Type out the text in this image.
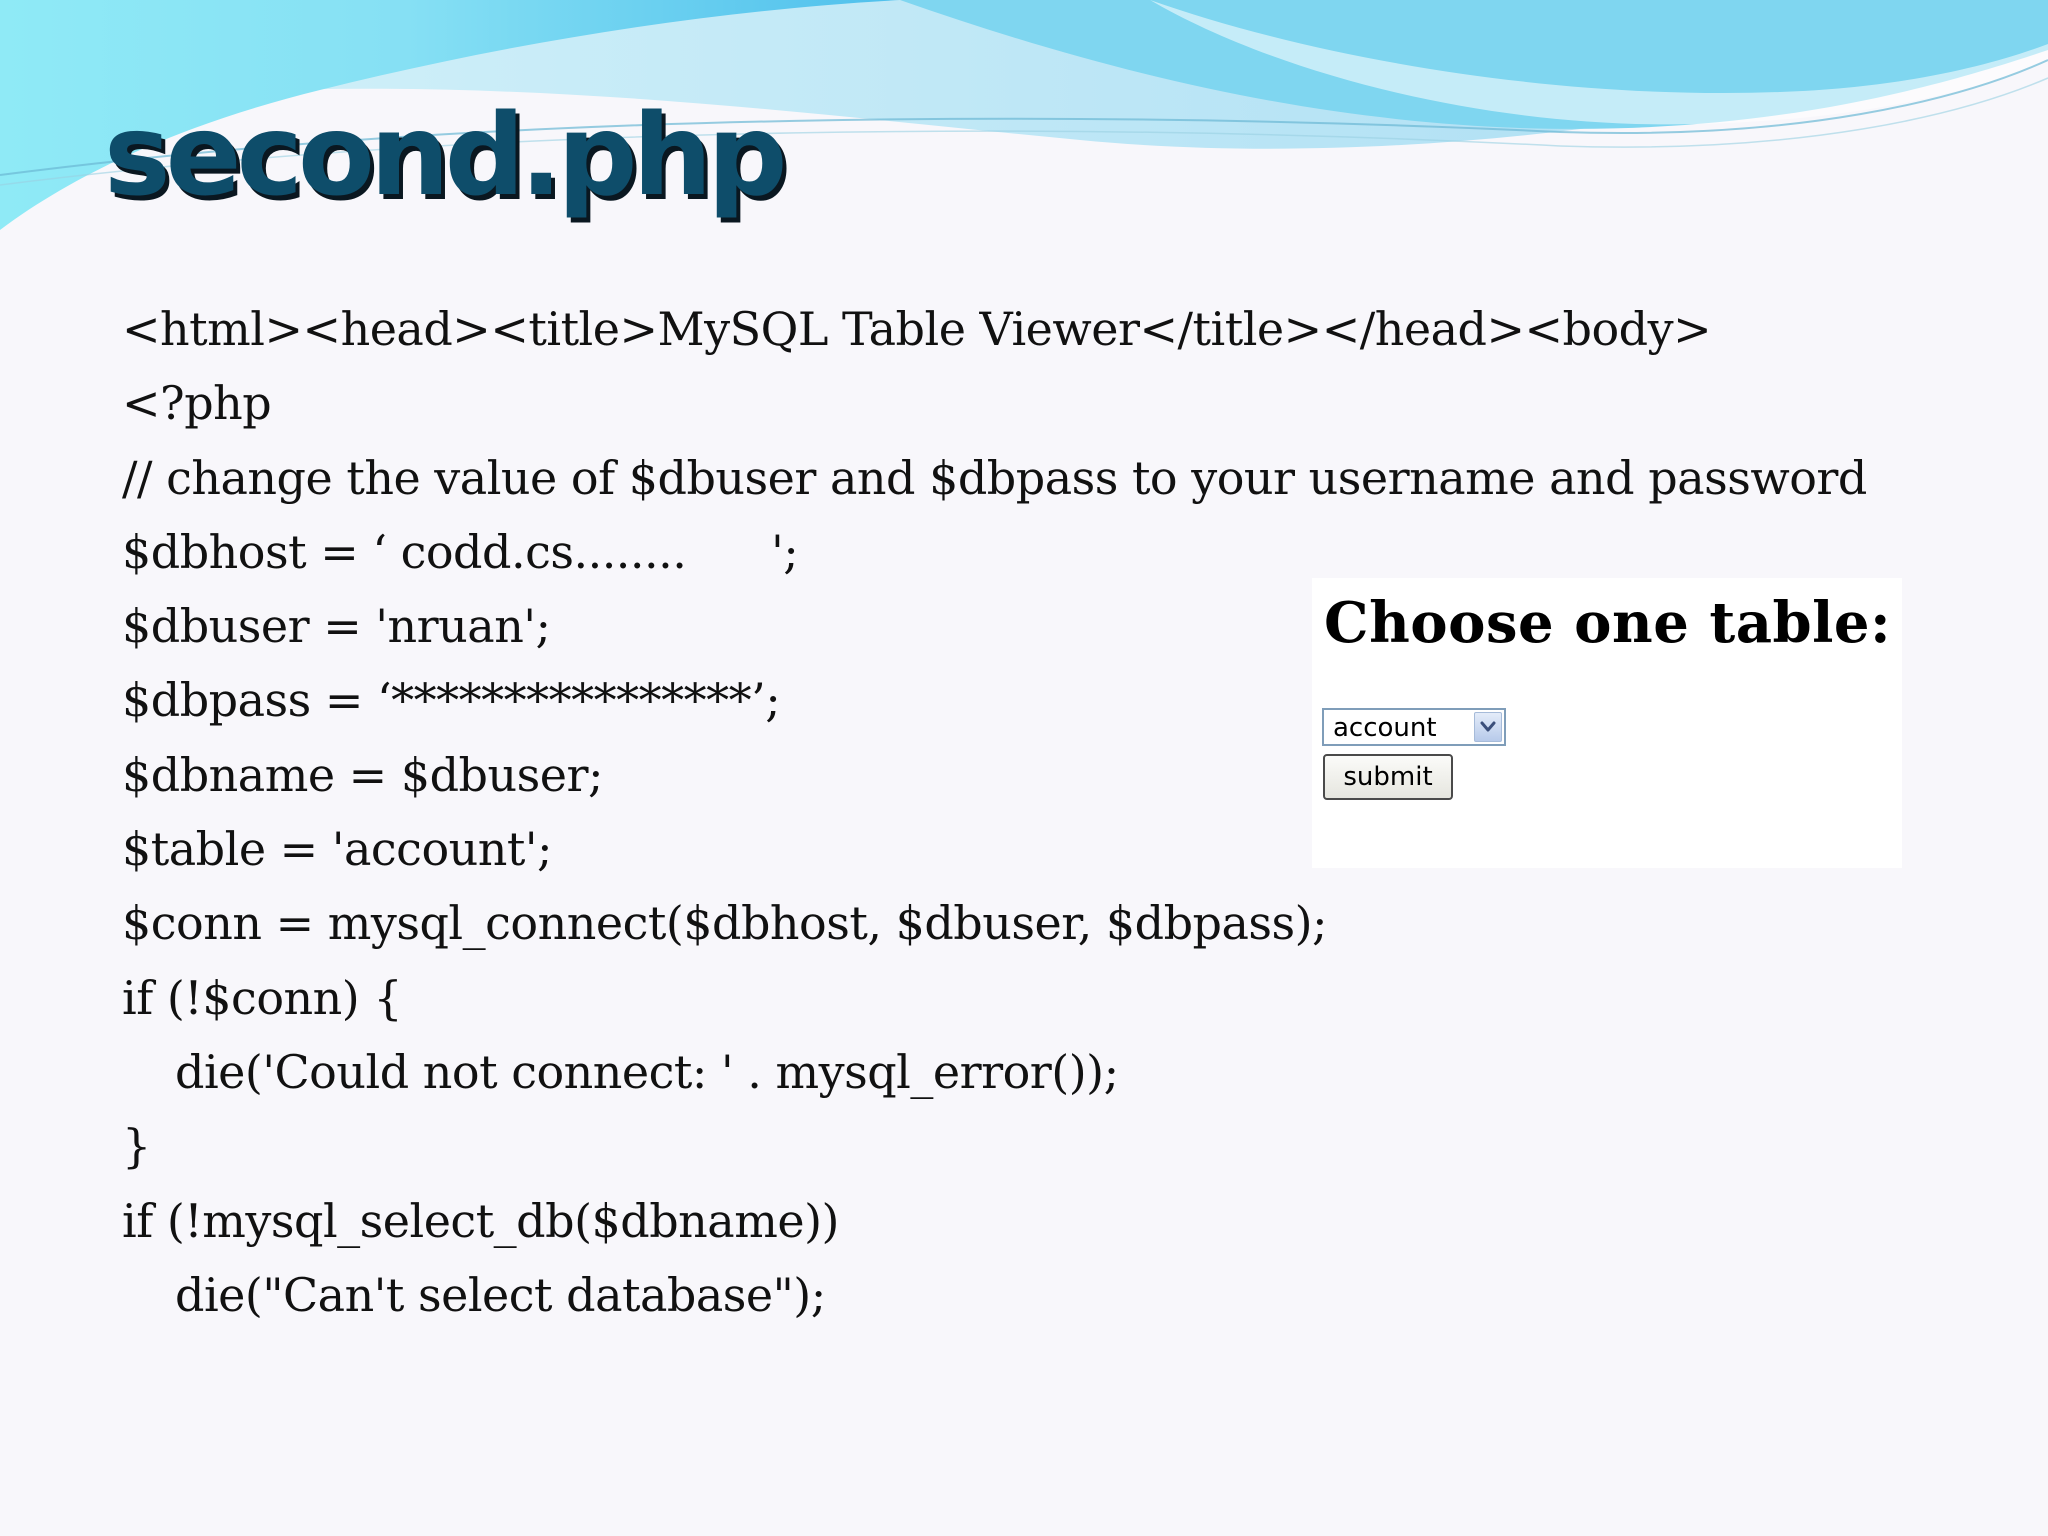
second.php
<html><head><title>MySQL Table Viewer</title></head><body>
<?php
// change the value of $dbuser and $dbpass to your username and password
$dbhost = ‘ codd.cs........      ';
$dbuser = 'nruan';
$dbpass = ‘****************’;
$dbname = $dbuser;
$table = 'account';
$conn = mysql_connect($dbhost, $dbuser, $dbpass);
if (!$conn) {
die('Could not connect: ' . mysql_error());
}
if (!mysql_select_db($dbname))
die("Can't select database");
Choose one table:
account
submit
